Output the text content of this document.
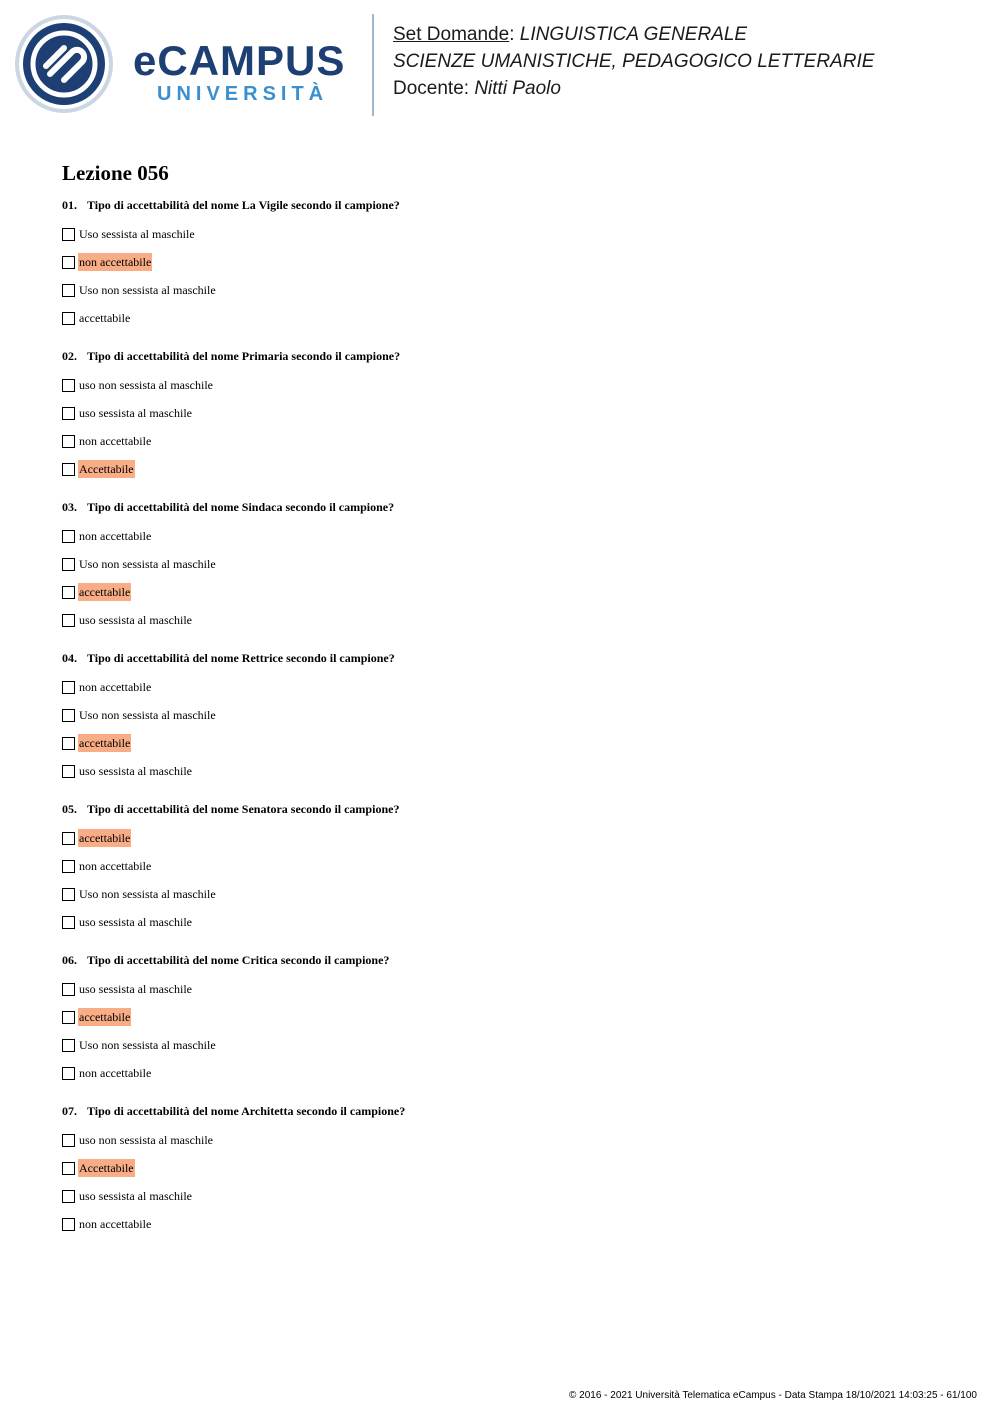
eCAMPUS
UNIVERSITÀ
Set Domande: LINGUISTICA GENERALE
SCIENZE UMANISTICHE, PEDAGOGICO LETTERARIE
Docente: Nitti Paolo
Lezione 056
01. Tipo di accettabilità del nome La Vigile secondo il campione?
Uso sessista al maschile
non accettabile
Uso non sessista al maschile
accettabile
02. Tipo di accettabilità del nome Primaria secondo il campione?
uso non sessista al maschile
uso sessista al maschile
non accettabile
Accettabile
03. Tipo di accettabilità del nome Sindaca secondo il campione?
non accettabile
Uso non sessista al maschile
accettabile
uso sessista al maschile
04. Tipo di accettabilità del nome Rettrice secondo il campione?
non accettabile
Uso non sessista al maschile
accettabile
uso sessista al maschile
05. Tipo di accettabilità del nome Senatora secondo il campione?
accettabile
non accettabile
Uso non sessista al maschile
uso sessista al maschile
06. Tipo di accettabilità del nome Critica secondo il campione?
uso sessista al maschile
accettabile
Uso non sessista al maschile
non accettabile
07. Tipo di accettabilità del nome Architetta secondo il campione?
uso non sessista al maschile
Accettabile
uso sessista al maschile
non accettabile
© 2016 - 2021 Università Telematica eCampus - Data Stampa 18/10/2021 14:03:25 - 61/100
